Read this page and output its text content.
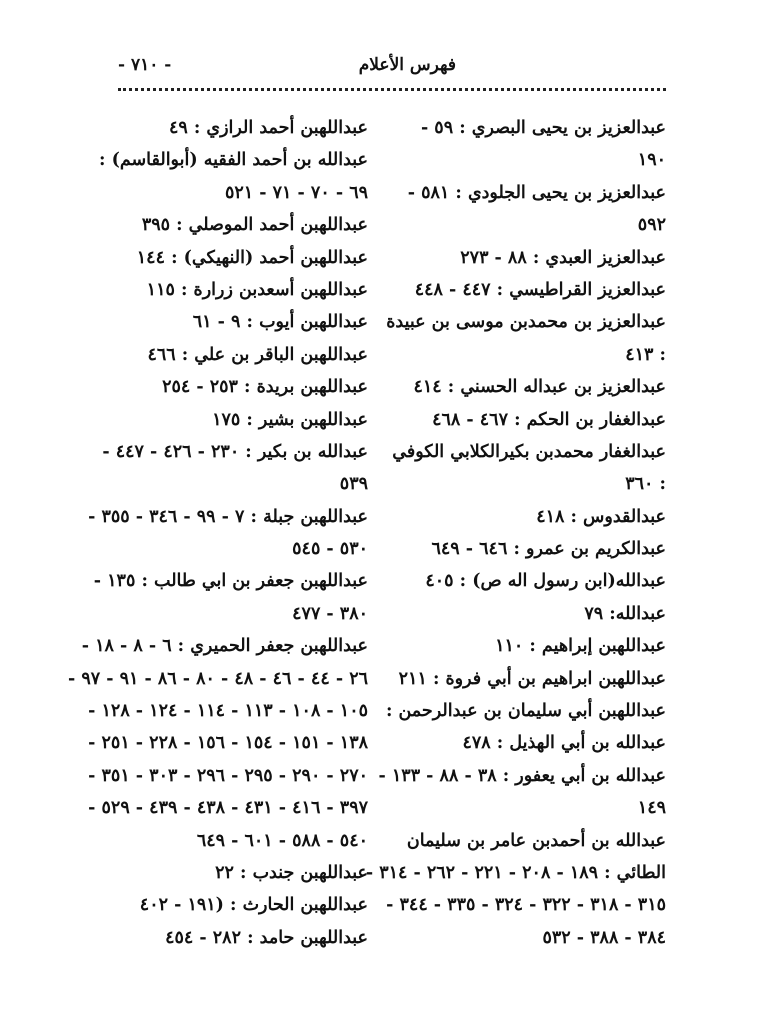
فهرس الأعلام
- ٧١٠ -
عبدالعزيز بن يحيى البصري : ٥٩ -
١٩٠
عبدالعزيز بن يحيى الجلودي : ٥٨١ -
٥٩٢
عبدالعزيز العبدي : ٨٨ - ٢٧٣
عبدالعزيز القراطيسي : ٤٤٧ - ٤٤٨
عبدالعزيز بن محمدبن موسى بن عبيدة
: ٤١٣
عبدالعزيز بن عبداله الحسني : ٤١٤
عبدالغفار بن الحكم : ٤٦٧ - ٤٦٨
عبدالغفار محمدبن بكيرالكلابي الكوفي
: ٣٦٠
عبدالقدوس : ٤١٨
عبدالكريم بن عمرو : ٦٤٦ - ٦٤٩
عبدالله(ابن رسول اله ص) : ٤٠٥
عبدالله: ٧٩
عبداللهبن إبراهيم : ١١٠
عبداللهبن ابراهيم بن أبي فروة : ٢١١
عبداللهبن أبي سليمان بن عبدالرحمن :
عبدالله بن أبي الهذيل : ٤٧٨
عبدالله بن أبي يعفور : ٣٨ - ٨٨ - ١٣٣ -
١٤٩
عبدالله بن أحمدبن عامر بن سليمان
الطائي : ١٨٩ - ٢٠٨ - ٢٢١ - ٢٦٢ - ٣١٤ -
٣١٥ - ٣١٨ - ٣٢٢ - ٣٢٤ - ٣٣٥ - ٣٤٤ -
٣٨٤ - ٣٨٨ - ٥٣٢
عبداللهبن أحمد الرازي : ٤٩
عبدالله بن أحمد الفقيه (أبوالقاسم) :
٦٩ - ٧٠ - ٧١ - ٥٢١
عبداللهبن أحمد الموصلي : ٣٩٥
عبداللهبن أحمد (النهيكي) : ١٤٤
عبداللهبن أسعدبن زرارة : ١١٥
عبداللهبن أيوب : ٩ - ٦١
عبداللهبن الباقر بن علي : ٤٦٦
عبداللهبن بريدة : ٢٥٣ - ٢٥٤
عبداللهبن بشير : ١٧٥
عبدالله بن بكير : ٢٣٠ - ٤٢٦ - ٤٤٧ -
٥٣٩
عبداللهبن جبلة : ٧ - ٩٩ - ٣٤٦ - ٣٥٥ -
٥٣٠ - ٥٤٥
عبداللهبن جعفر بن ابي طالب : ١٣٥ -
٣٨٠ - ٤٧٧
عبداللهبن جعفر الحميري : ٦ - ٨ - ١٨ -
٢٦ - ٤٤ - ٤٦ - ٤٨ - ٨٠ - ٨٦ - ٩١ - ٩٧ -
١٠٥ - ١٠٨ - ١١٣ - ١١٤ - ١٢٤ - ١٢٨ -
١٣٨ - ١٥١ - ١٥٤ - ١٥٦ - ٢٢٨ - ٢٥١ -
٢٧٠ - ٢٩٠ - ٢٩٥ - ٢٩٦ - ٣٠٣ - ٣٥١ -
٣٩٧ - ٤١٦ - ٤٣١ - ٤٣٨ - ٤٣٩ - ٥٢٩ -
٥٤٠ - ٥٨٨ - ٦٠١ - ٦٤٩
عبداللهبن جندب : ٢٢
عبداللهبن الحارث : (١٩١ - ٤٠٢
عبداللهبن حامد : ٢٨٢ - ٤٥٤
